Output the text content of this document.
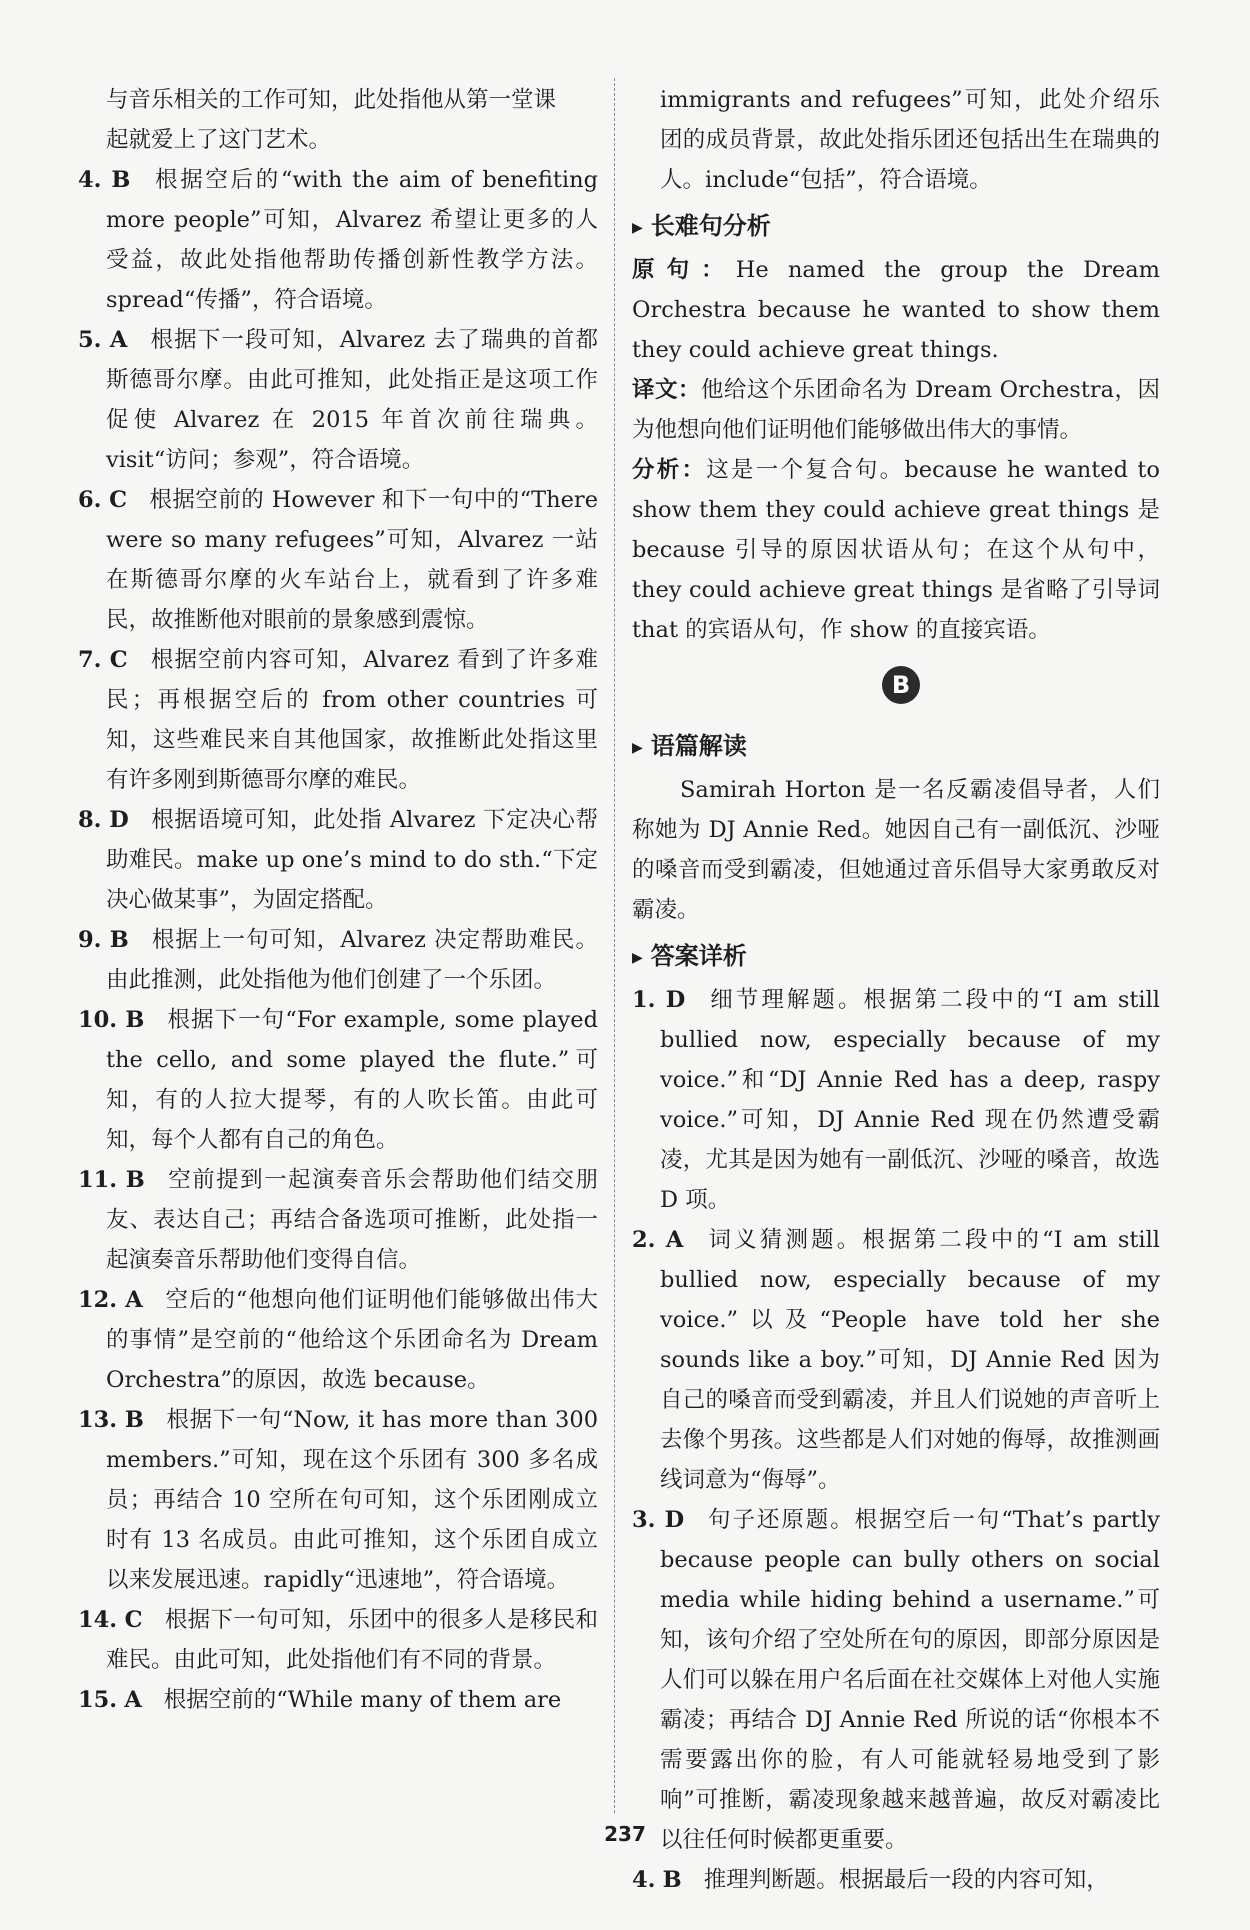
与音乐相关的工作可知，此处指他从第一堂课
起就爱上了这门艺术。

4. B 根据空后的“with the aim of benefiting more people”可知，Alvarez 希望让更多的人受益，故此处指他帮助传播创新性教学方法。spread“传播”，符合语境。

5. A 根据下一段可知，Alvarez 去了瑞典的首都斯德哥尔摩。由此可推知，此处指正是这项工作促使 Alvarez 在 2015 年首次前往瑞典。visit“访问；参观”，符合语境。

6. C 根据空前的 However 和下一句中的“There were so many refugees”可知，Alvarez 一站在斯德哥尔摩的火车站台上，就看到了许多难民，故推断他对眼前的景象感到震惊。

7. C 根据空前内容可知，Alvarez 看到了许多难民；再根据空后的 from other countries 可知，这些难民来自其他国家，故推断此处指这里有许多刚到斯德哥尔摩的难民。

8. D 根据语境可知，此处指 Alvarez 下定决心帮助难民。make up one’s mind to do sth.“下定决心做某事”，为固定搭配。

9. B 根据上一句可知，Alvarez 决定帮助难民。由此推测，此处指他为他们创建了一个乐团。

10. B 根据下一句“For example, some played the cello, and some played the flute.”可知，有的人拉大提琴，有的人吹长笛。由此可知，每个人都有自己的角色。

11. B 空前提到一起演奏音乐会帮助他们结交朋友、表达自己；再结合备选项可推断，此处指一起演奏音乐帮助他们变得自信。

12. A 空后的“他想向他们证明他们能够做出伟大的事情”是空前的“他给这个乐团命名为 Dream Orchestra”的原因，故选 because。

13. B 根据下一句“Now, it has more than 300 members.”可知，现在这个乐团有 300 多名成员；再结合 10 空所在句可知，这个乐团刚成立时有 13 名成员。由此可推知，这个乐团自成立以来发展迅速。rapidly“迅速地”，符合语境。

14. C 根据下一句可知，乐团中的很多人是移民和难民。由此可知，此处指他们有不同的背景。

15. A 根据空前的“While many of them are

immigrants and refugees”可知，此处介绍乐团的成员背景，故此处指乐团还包括出生在瑞典的人。include“包括”，符合语境。

▶ 长难句分析

原句：He named the group the Dream Orchestra because he wanted to show them they could achieve great things.

译文：他给这个乐团命名为 Dream Orchestra，因为他想向他们证明他们能够做出伟大的事情。

分析：这是一个复合句。because he wanted to show them they could achieve great things 是 because 引导的原因状语从句；在这个从句中，they could achieve great things 是省略了引导词 that 的宾语从句，作 show 的直接宾语。

B
▶ 语篇解读

Samirah Horton 是一名反霸凌倡导者，人们称她为 DJ Annie Red。她因自己有一副低沉、沙哑的嗓音而受到霸凌，但她通过音乐倡导大家勇敢反对霸凌。

▶ 答案详析

1. D 细节理解题。根据第二段中的“I am still bullied now, especially because of my voice.”和“DJ Annie Red has a deep, raspy voice.”可知，DJ Annie Red 现在仍然遭受霸凌，尤其是因为她有一副低沉、沙哑的嗓音，故选 D 项。

2. A 词义猜测题。根据第二段中的“I am still bullied now, especially because of my voice.”以及“People have told her she sounds like a boy.”可知，DJ Annie Red 因为自己的嗓音而受到霸凌，并且人们说她的声音听上去像个男孩。这些都是人们对她的侮辱，故推测画线词意为“侮辱”。

3. D 句子还原题。根据空后一句“That’s partly because people can bully others on social media while hiding behind a username.”可知，该句介绍了空处所在句的原因，即部分原因是人们可以躲在用户名后面在社交媒体上对他人实施霸凌；再结合 DJ Annie Red 所说的话“你根本不需要露出你的脸，有人可能就轻易地受到了影响”可推断，霸凌现象越来越普遍，故反对霸凌比以往任何时候都更重要。

4. B 推理判断题。根据最后一段的内容可知，

237
